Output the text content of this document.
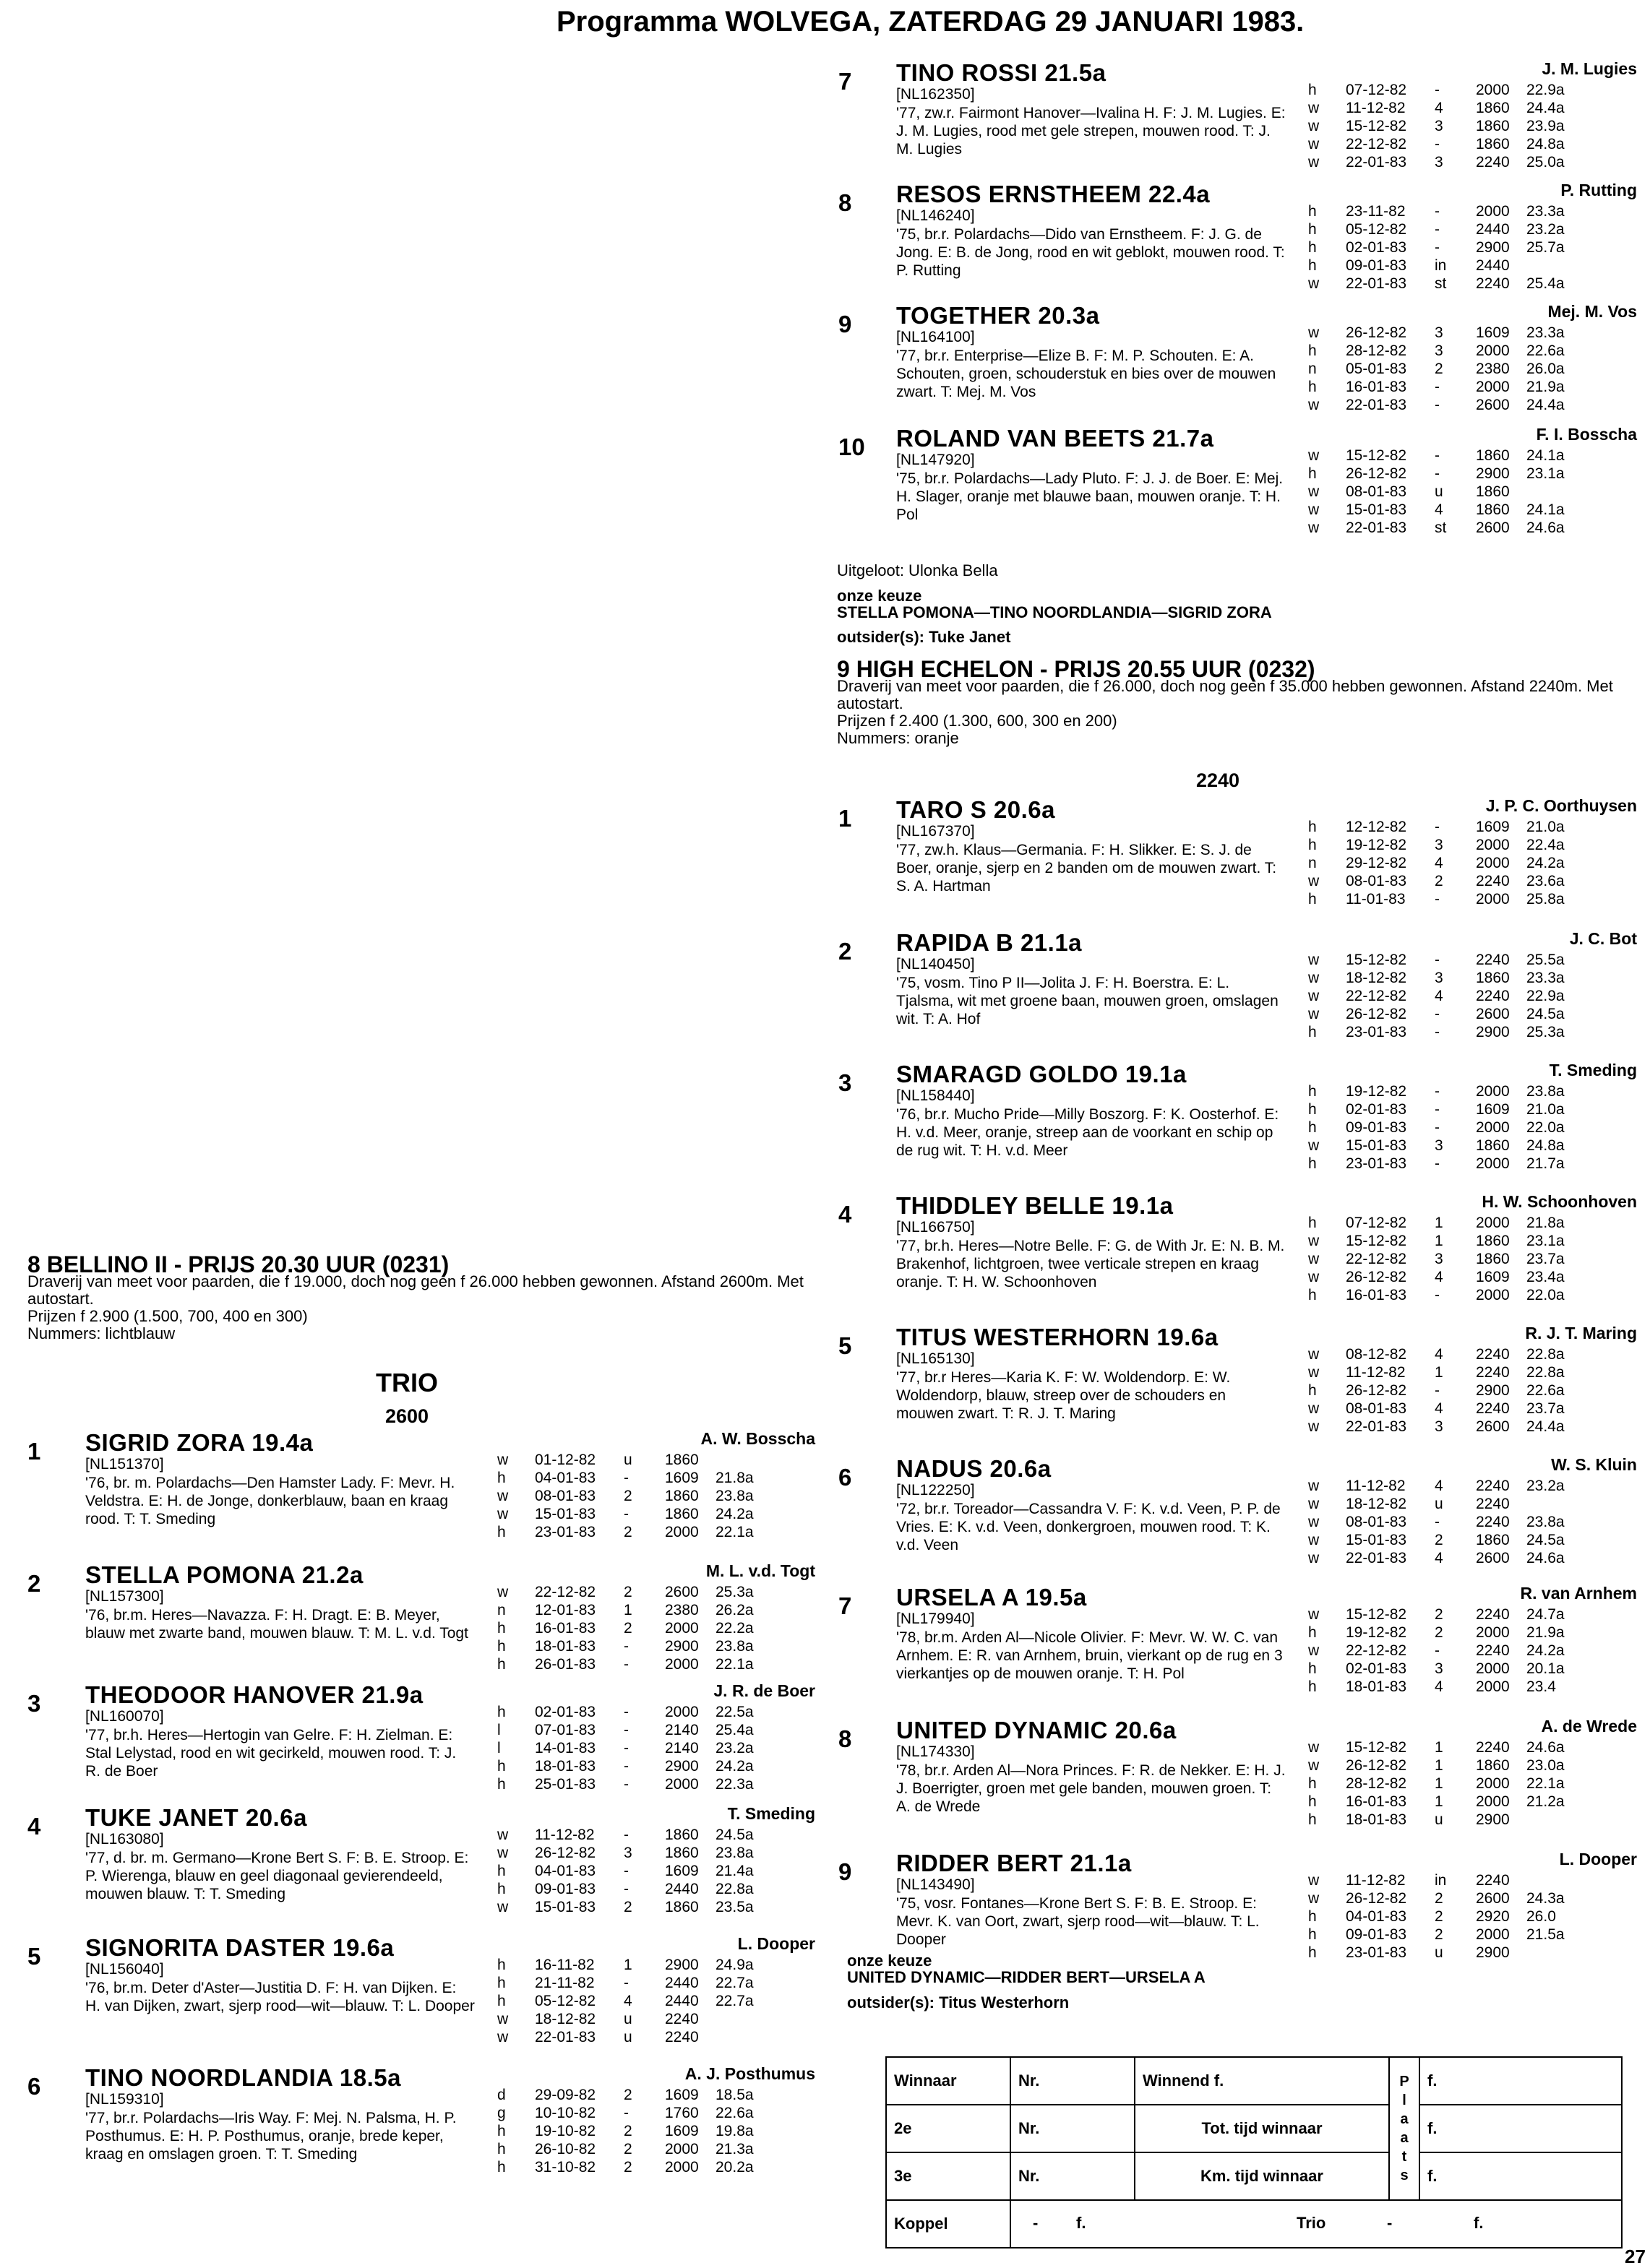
Programma WOLVEGA, ZATERDAG 29 JANUARI 1983.
7 TINO ROSSI 21.5a	J. M. Lugies
[NL162350]
'77, zw.r. Fairmont Hanover—Ivalina H. F: J. M. Lugies. E: J. M. Lugies, rood met gele strepen, mouwen rood. T: J. M. Lugies
h 07-12-82 - 2000 22.9a
w 11-12-82 4 1860 24.4a
w 15-12-82 3 1860 23.9a
w 22-12-82 - 1860 24.8a
w 22-01-83 3 2240 25.0a
8 RESOS ERNSTHEEM 22.4a	P. Rutting
[NL146240]
'75, br.r. Polardachs—Dido van Ernstheem. F: J. G. de Jong. E: B. de Jong, rood en wit geblokt, mouwen rood. T: P. Rutting
h 23-11-82 - 2000 23.3a
h 05-12-82 - 2440 23.2a
h 02-01-83 - 2900 25.7a
h 09-01-83 in 2440
w 22-01-83 st 2240 25.4a
9 TOGETHER 20.3a	Mej. M. Vos
[NL164100]
'77, br.r. Enterprise—Elize B. F: M. P. Schouten. E: A. Schouten, groen, schouderstuk en bies over de mouwen zwart. T: Mej. M. Vos
w 26-12-82 3 1609 23.3a
h 28-12-82 3 2000 22.6a
n 05-01-83 2 2380 26.0a
h 16-01-83 - 2000 21.9a
w 22-01-83 - 2600 24.4a
10 ROLAND VAN BEETS 21.7a	F. I. Bosscha
[NL147920]
'75, br.r. Polardachs—Lady Pluto. F: J. J. de Boer. E: Mej. H. Slager, oranje met blauwe baan, mouwen oranje. T: H. Pol
w 15-12-82 - 1860 24.1a
h 26-12-82 - 2900 23.1a
w 08-01-83 u 1860
w 15-01-83 4 1860 24.1a
w 22-01-83 st 2600 24.6a
Uitgeloot: Ulonka Bella
onze keuze
STELLA POMONA—TINO NOORDLANDIA—SIGRID ZORA
outsider(s): Tuke Janet
9 HIGH ECHELON - PRIJS 20.55 UUR (0232)
Draverij van meet voor paarden, die f 26.000, doch nog geen f 35.000 hebben gewonnen. Afstand 2240m. Met autostart.
Prijzen f 2.400 (1.300, 600, 300 en 200)
Nummers: oranje
2240
1 TARO S 20.6a	J. P. C. Oorthuysen
[NL167370]
'77, zw.h. Klaus—Germania. F: H. Slikker. E: S. J. de Boer, oranje, sjerp en 2 banden om de mouwen zwart. T: S. A. Hartman
h 12-12-82 - 1609 21.0a
h 19-12-82 3 2000 22.4a
n 29-12-82 4 2000 24.2a
w 08-01-83 2 2240 23.6a
h 11-01-83 - 2000 25.8a
2 RAPIDA B 21.1a	J. C. Bot
[NL140450]
'75, vosm. Tino P II—Jolita J. F: H. Boerstra. E: L. Tjalsma, wit met groene baan, mouwen groen, omslagen wit. T: A. Hof
w 15-12-82 - 2240 25.5a
w 18-12-82 3 1860 23.3a
w 22-12-82 4 2240 22.9a
w 26-12-82 - 2600 24.5a
h 23-01-83 - 2900 25.3a
3 SMARAGD GOLDO 19.1a	T. Smeding
[NL158440]
'76, br.r. Mucho Pride—Milly Boszorg. F: K. Oosterhof. E: H. v.d. Meer, oranje, streep aan de voorkant en schip op de rug wit. T: H. v.d. Meer
h 19-12-82 - 2000 23.8a
h 02-01-83 - 1609 21.0a
h 09-01-83 - 2000 22.0a
w 15-01-83 3 1860 24.8a
h 23-01-83 - 2000 21.7a
4 THIDDLEY BELLE 19.1a	H. W. Schoonhoven
[NL166750]
'77, br.h. Heres—Notre Belle. F: G. de With Jr. E: N. B. M. Brakenhof, lichtgroen, twee verticale strepen en kraag oranje. T: H. W. Schoonhoven
h 07-12-82 1 2000 21.8a
w 15-12-82 1 1860 23.1a
w 22-12-82 3 1860 23.7a
w 26-12-82 4 1609 23.4a
h 16-01-83 - 2000 22.0a
5 TITUS WESTERHORN 19.6a	R. J. T. Maring
[NL165130]
'77, br.r Heres—Karia K. F: W. Woldendorp. E: W. Woldendorp, blauw, streep over de schouders en mouwen zwart. T: R. J. T. Maring
w 08-12-82 4 2240 22.8a
w 11-12-82 1 2240 22.8a
h 26-12-82 - 2900 22.6a
w 08-01-83 4 2240 23.7a
w 22-01-83 3 2600 24.4a
6 NADUS 20.6a	W. S. Kluin
[NL122250]
'72, br.r. Toreador—Cassandra V. F: K. v.d. Veen, P. P. de Vries. E: K. v.d. Veen, donkergroen, mouwen rood. T: K. v.d. Veen
w 11-12-82 4 2240 23.2a
w 18-12-82 u 2240
w 08-01-83 - 2240 23.8a
w 15-01-83 2 1860 24.5a
w 22-01-83 4 2600 24.6a
7 URSELA A 19.5a	R. van Arnhem
[NL179940]
'78, br.m. Arden Al—Nicole Olivier. F: Mevr. W. W. C. van Arnhem. E: R. van Arnhem, bruin, vierkant op de rug en 3 vierkantjes op de mouwen oranje. T: H. Pol
w 15-12-82 2 2240 24.7a
h 19-12-82 2 2000 21.9a
w 22-12-82 - 2240 24.2a
h 02-01-83 3 2000 20.1a
h 18-01-83 4 2000 23.4
8 UNITED DYNAMIC 20.6a	A. de Wrede
[NL174330]
'78, br.r. Arden Al—Nora Princes. F: R. de Nekker. E: H. J. J. Boerrigter, groen met gele banden, mouwen groen. T: A. de Wrede
w 15-12-82 1 2240 24.6a
w 26-12-82 1 1860 23.0a
h 28-12-82 1 2000 22.1a
h 16-01-83 1 2000 21.2a
h 18-01-83 u 2900
9 RIDDER BERT 21.1a	L. Dooper
[NL143490]
'75, vosr. Fontanes—Krone Bert S. F: B. E. Stroop. E: Mevr. K. van Oort, zwart, sjerp rood—wit—blauw. T: L. Dooper
w 11-12-82 in 2240
w 26-12-82 2 2600 24.3a
h 04-01-83 2 2920 26.0
h 09-01-83 2 2000 21.5a
h 23-01-83 u 2900
onze keuze
UNITED DYNAMIC—RIDDER BERT—URSELA A
outsider(s): Titus Westerhorn
8 BELLINO II - PRIJS 20.30 UUR (0231)
Draverij van meet voor paarden, die f 19.000, doch nog geen f 26.000 hebben gewonnen. Afstand 2600m. Met autostart.
Prijzen f 2.900 (1.500, 700, 400 en 300)
Nummers: lichtblauw
TRIO
2600
1 SIGRID ZORA 19.4a	A. W. Bosscha
[NL151370]
'76, br. m. Polardachs—Den Hamster Lady. F: Mevr. H. Veldstra. E: H. de Jonge, donkerblauw, baan en kraag rood. T: T. Smeding
w 01-12-82 u 1860
h 04-01-83 - 1609 21.8a
w 08-01-83 2 1860 23.8a
w 15-01-83 - 1860 24.2a
h 23-01-83 2 2000 22.1a
2 STELLA POMONA 21.2a	M. L. v.d. Togt
[NL157300]
'76, br.m. Heres—Navazza. F: H. Dragt. E: B. Meyer, blauw met zwarte band, mouwen blauw. T: M. L. v.d. Togt
w 22-12-82 2 2600 25.3a
n 12-01-83 1 2380 26.2a
h 16-01-83 2 2000 22.2a
h 18-01-83 - 2900 23.8a
h 26-01-83 - 2000 22.1a
3 THEODOOR HANOVER 21.9a	J. R. de Boer
[NL160070]
'77, br.h. Heres—Hertogin van Gelre. F: H. Zielman. E: Stal Lelystad, rood en wit gecirkeld, mouwen rood. T: J. R. de Boer
h 02-01-83 - 2000 22.5a
l 07-01-83 - 2140 25.4a
l 14-01-83 - 2140 23.2a
h 18-01-83 - 2900 24.2a
h 25-01-83 - 2000 22.3a
4 TUKE JANET 20.6a	T. Smeding
[NL163080]
'77, d. br. m. Germano—Krone Bert S. F: B. E. Stroop. E: P. Wierenga, blauw en geel diagonaal gevierendeeld, mouwen blauw. T: T. Smeding
w 11-12-82 - 1860 24.5a
w 26-12-82 3 1860 23.8a
h 04-01-83 - 1609 21.4a
h 09-01-83 - 2440 22.8a
w 15-01-83 2 1860 23.5a
5 SIGNORITA DASTER 19.6a	L. Dooper
[NL156040]
'76, br.m. Deter d'Aster—Justitia D. F: H. van Dijken. E: H. van Dijken, zwart, sjerp rood—wit—blauw. T: L. Dooper
h 16-11-82 1 2900 24.9a
h 21-11-82 - 2440 22.7a
h 05-12-82 4 2440 22.7a
w 18-12-82 u 2240
w 22-01-83 u 2240
6 TINO NOORDLANDIA 18.5a	A. J. Posthumus
[NL159310]
'77, br.r. Polardachs—Iris Way. F: Mej. N. Palsma, H. P. Posthumus. E: H. P. Posthumus, oranje, brede keper, kraag en omslagen groen. T: T. Smeding
d 29-09-82 2 1609 18.5a
g 10-10-82 - 1760 22.6a
h 19-10-82 2 1609 19.8a
h 26-10-82 2 2000 21.3a
h 31-10-82 2 2000 20.2a
Winnaar	Nr.	Winnend f.	P l a a t s	f.
2e	Nr.	Tot. tijd winnaar		f.
3e	Nr.	Km. tijd winnaar		f.
Koppel	- f. Trio - f.			
27
